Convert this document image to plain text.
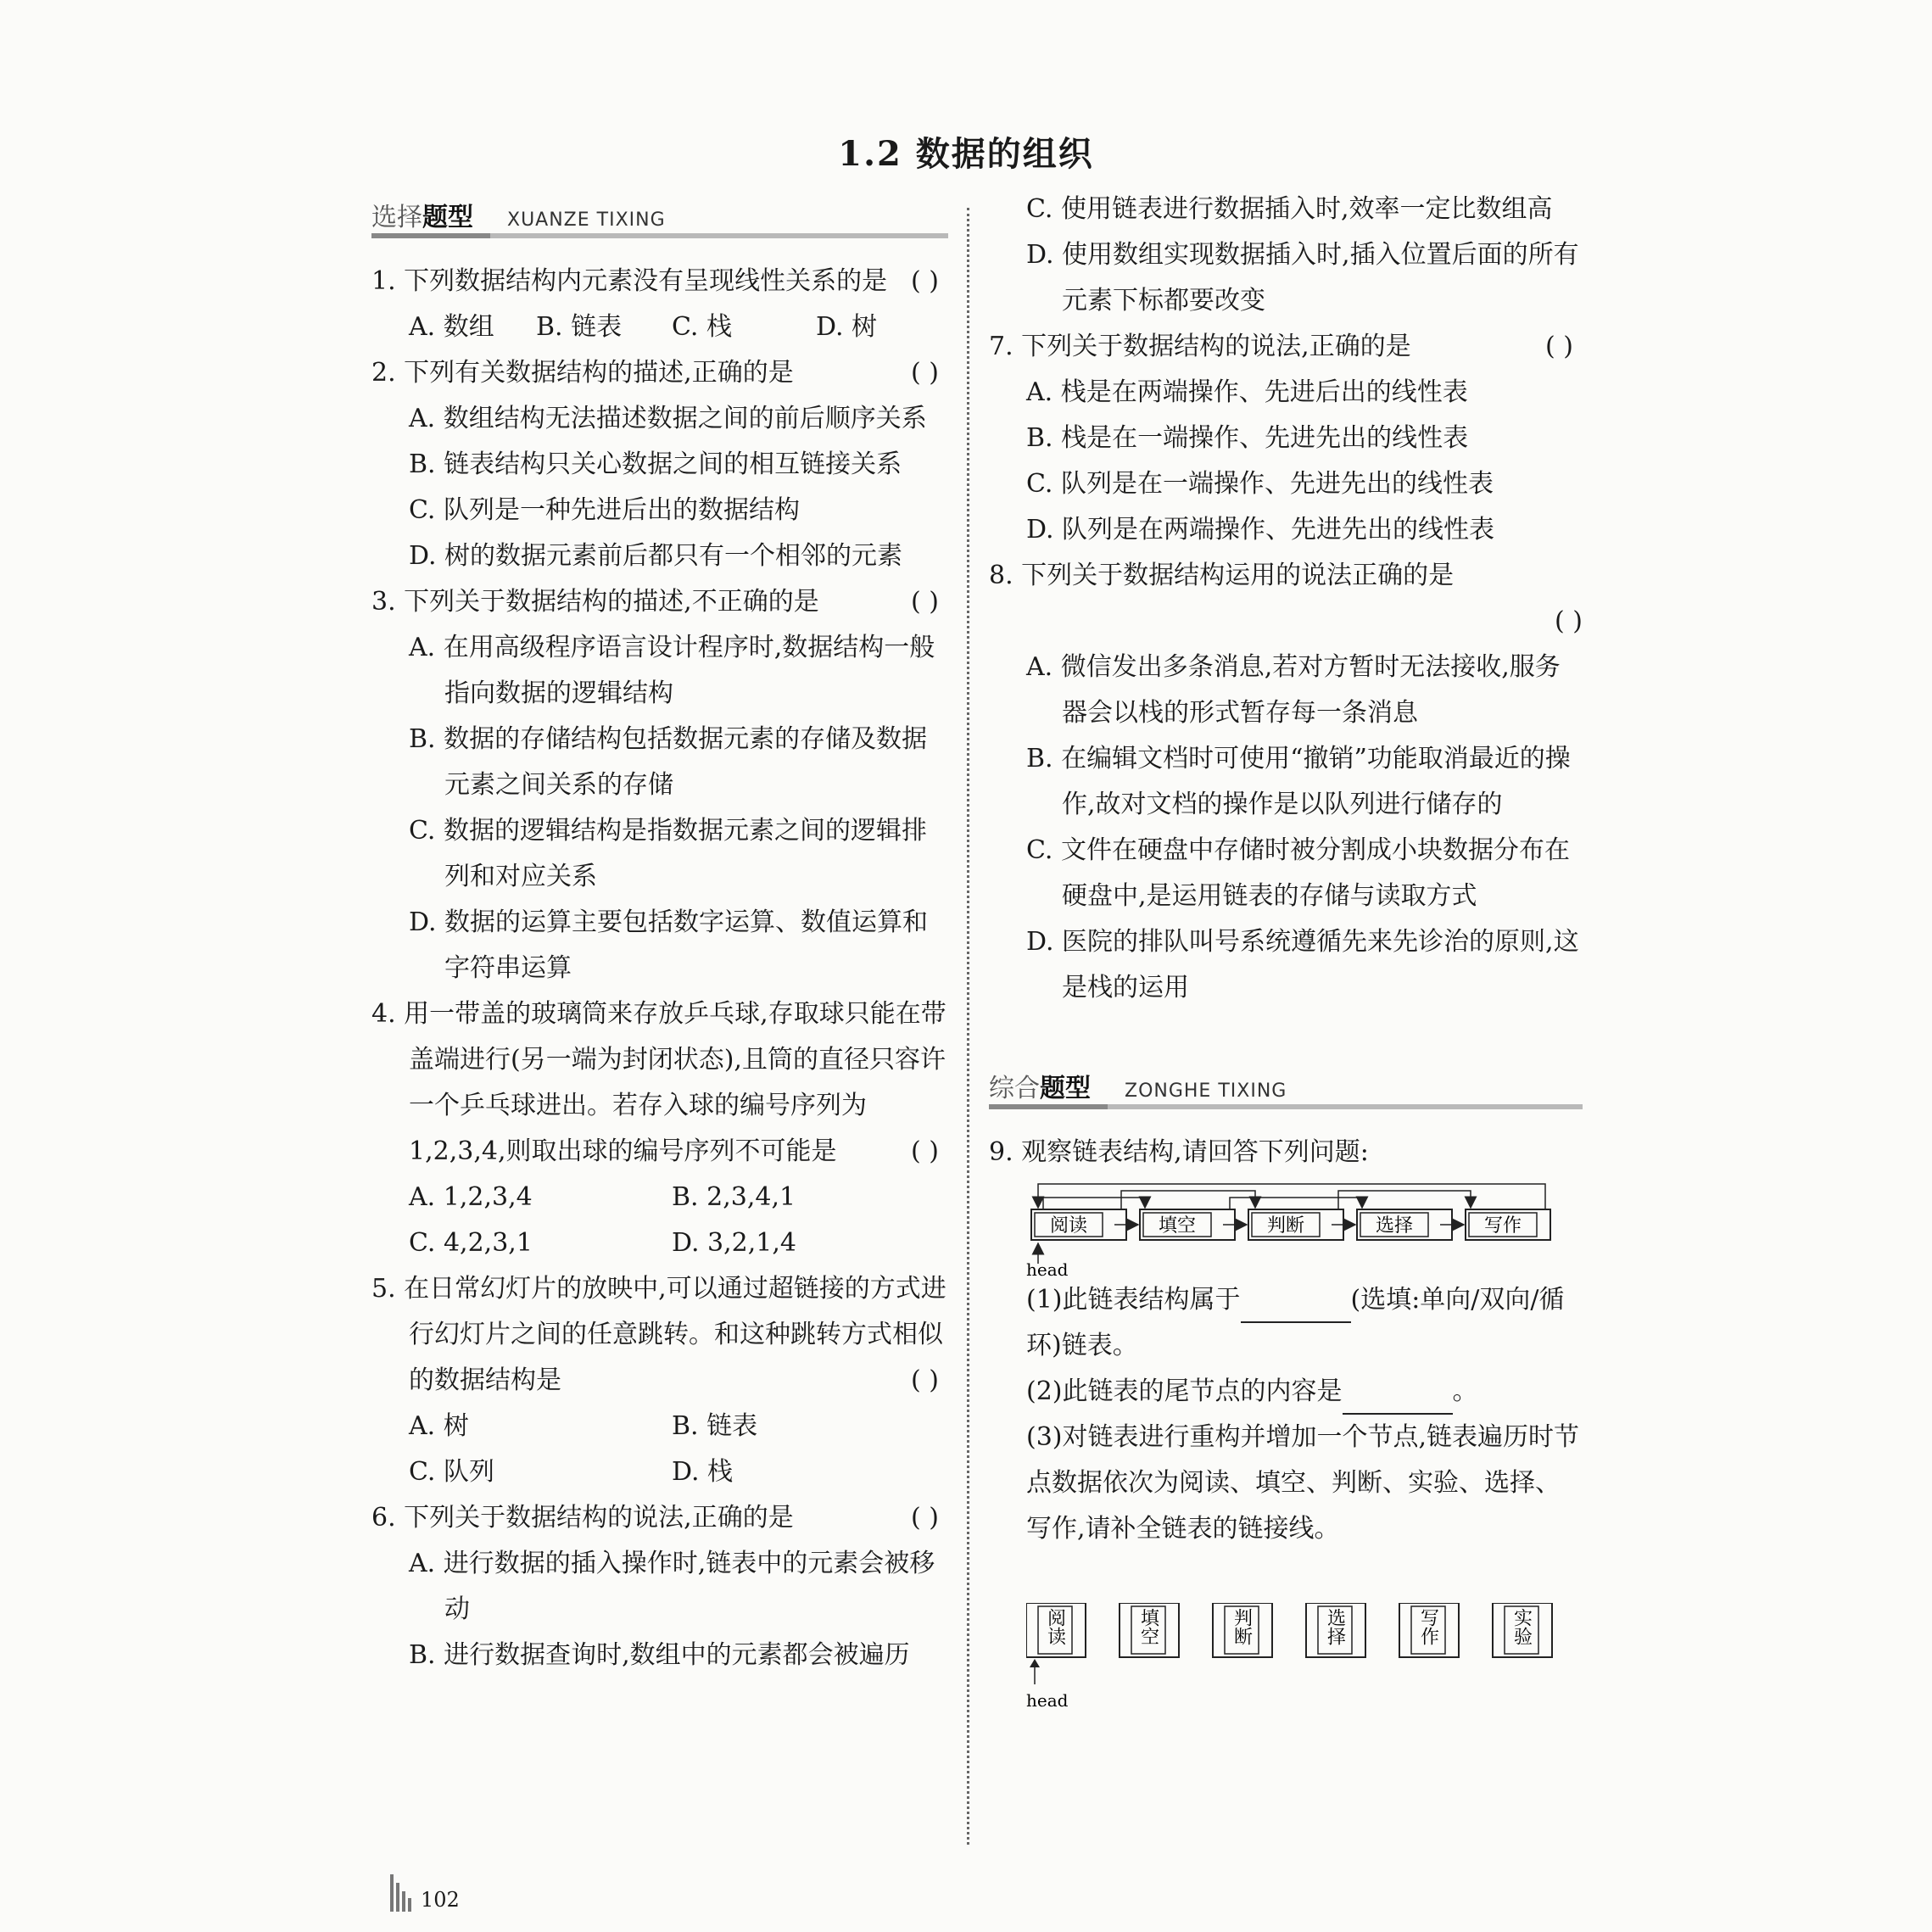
1.2 数据的组织
选择题型 XUANZE TIXING
1. 下列数据结构内元素没有呈现线性关系的是 ( )
A. 数组	B. 链表	C. 栈	D. 树
2. 下列有关数据结构的描述,正确的是	( )
A. 数组结构无法描述数据之间的前后顺序关系
B. 链表结构只关心数据之间的相互链接关系
C. 队列是一种先进后出的数据结构
D. 树的数据元素前后都只有一个相邻的元素
3. 下列关于数据结构的描述,不正确的是	( )
A. 在用高级程序语言设计程序时,数据结构一般指向数据的逻辑结构
B. 数据的存储结构包括数据元素的存储及数据元素之间关系的存储
C. 数据的逻辑结构是指数据元素之间的逻辑排列和对应关系
D. 数据的运算主要包括数字运算、数值运算和字符串运算
4. 用一带盖的玻璃筒来存放乒乓球,存取球只能在带盖端进行(另一端为封闭状态),且筒的直径只容许一个乒乓球进出。若存入球的编号序列为 1,2,3,4,则取出球的编号序列不可能是	( )
A. 1,2,3,4	B. 2,3,4,1
C. 4,2,3,1	D. 3,2,1,4
5. 在日常幻灯片的放映中,可以通过超链接的方式进行幻灯片之间的任意跳转。和这种跳转方式相似的数据结构是	( )
A. 树	B. 链表
C. 队列	D. 栈
6. 下列关于数据结构的说法,正确的是	( )
A. 进行数据的插入操作时,链表中的元素会被移动
B. 进行数据查询时,数组中的元素都会被遍历
C. 使用链表进行数据插入时,效率一定比数组高
D. 使用数组实现数据插入时,插入位置后面的所有元素下标都要改变
7. 下列关于数据结构的说法,正确的是	( )
A. 栈是在两端操作、先进后出的线性表
B. 栈是在一端操作、先进先出的线性表
C. 队列是在一端操作、先进先出的线性表
D. 队列是在两端操作、先进先出的线性表
8. 下列关于数据结构运用的说法正确的是
( )
A. 微信发出多条消息,若对方暂时无法接收,服务器会以栈的形式暂存每一条消息
B. 在编辑文档时可使用“撤销”功能取消最近的操作,故对文档的操作是以队列进行储存的
C. 文件在硬盘中存储时被分割成小块数据分布在硬盘中,是运用链表的存储与读取方式
D. 医院的排队叫号系统遵循先来先诊治的原则,这是栈的运用
综合题型 ZONGHE TIXING
9. 观察链表结构,请回答下列问题:
阅读	填空	判断	选择	写作
head
(1)此链表结构属于	(选填:单向/双向/循环)链表。
(2)此链表的尾节点的内容是	。
(3)对链表进行重构并增加一个节点,链表遍历时节点数据依次为阅读、填空、判断、实验、选择、写作,请补全链表的链接线。
阅读	填空	判断	选择	写作	实验
head
102
